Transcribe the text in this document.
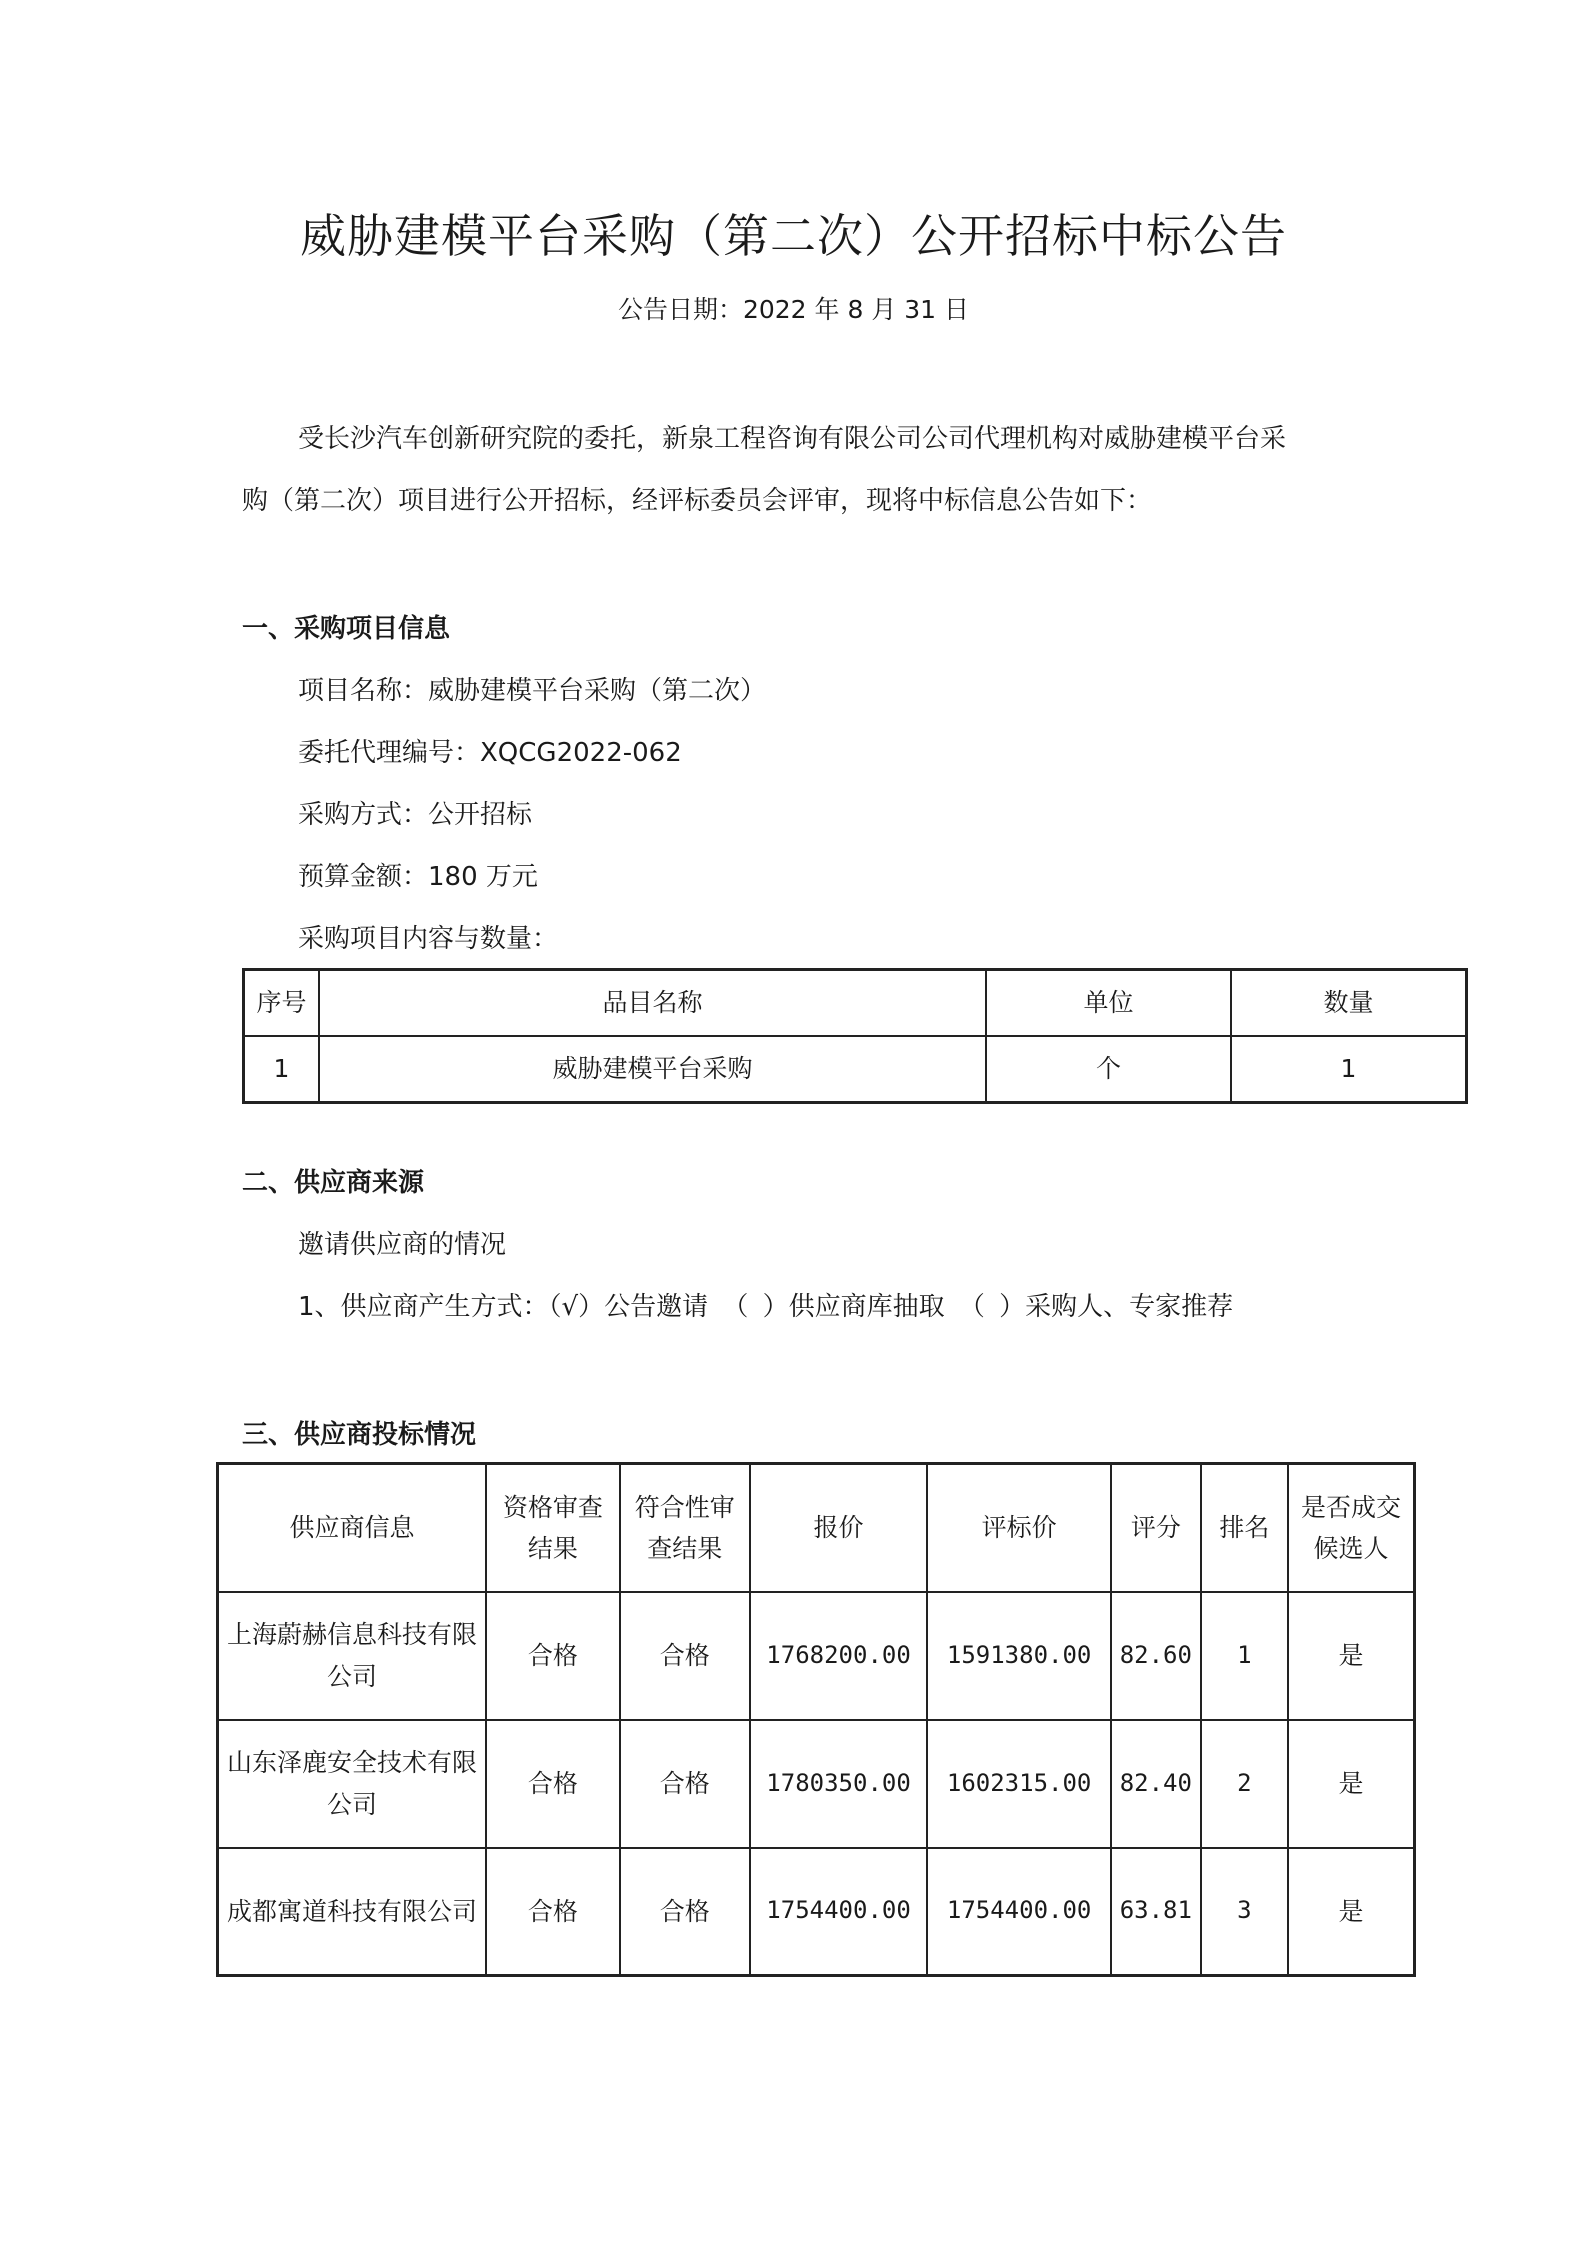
威胁建模平台采购（第二次）公开招标中标公告
公告日期：2022 年 8 月 31 日
受长沙汽车创新研究院的委托，新泉工程咨询有限公司公司代理机构对威胁建模平台采
购（第二次）项目进行公开招标，经评标委员会评审，现将中标信息公告如下：
一、采购项目信息
项目名称：威胁建模平台采购（第二次）
委托代理编号：XQCG2022-062
采购方式：公开招标
预算金额：180 万元
采购项目内容与数量：
序号	品目名称	单位	数量
1	威胁建模平台采购	个	1
二、供应商来源
邀请供应商的情况
1、供应商产生方式：（√）公告邀请 （ ）供应商库抽取 （ ）采购人、专家推荐
三、供应商投标情况
供应商信息	资格审查结果	符合性审查结果	报价	评标价	评分	排名	是否成交候选人

上海蔚赫信息科技有限公司	合格	合格	1768200.00	1591380.00	82.60	1	是

山东泽鹿安全技术有限公司	合格	合格	1780350.00	1602315.00	82.40	2	是

成都寓道科技有限公司	合格	合格	1754400.00	1754400.00	63.81	3	是
